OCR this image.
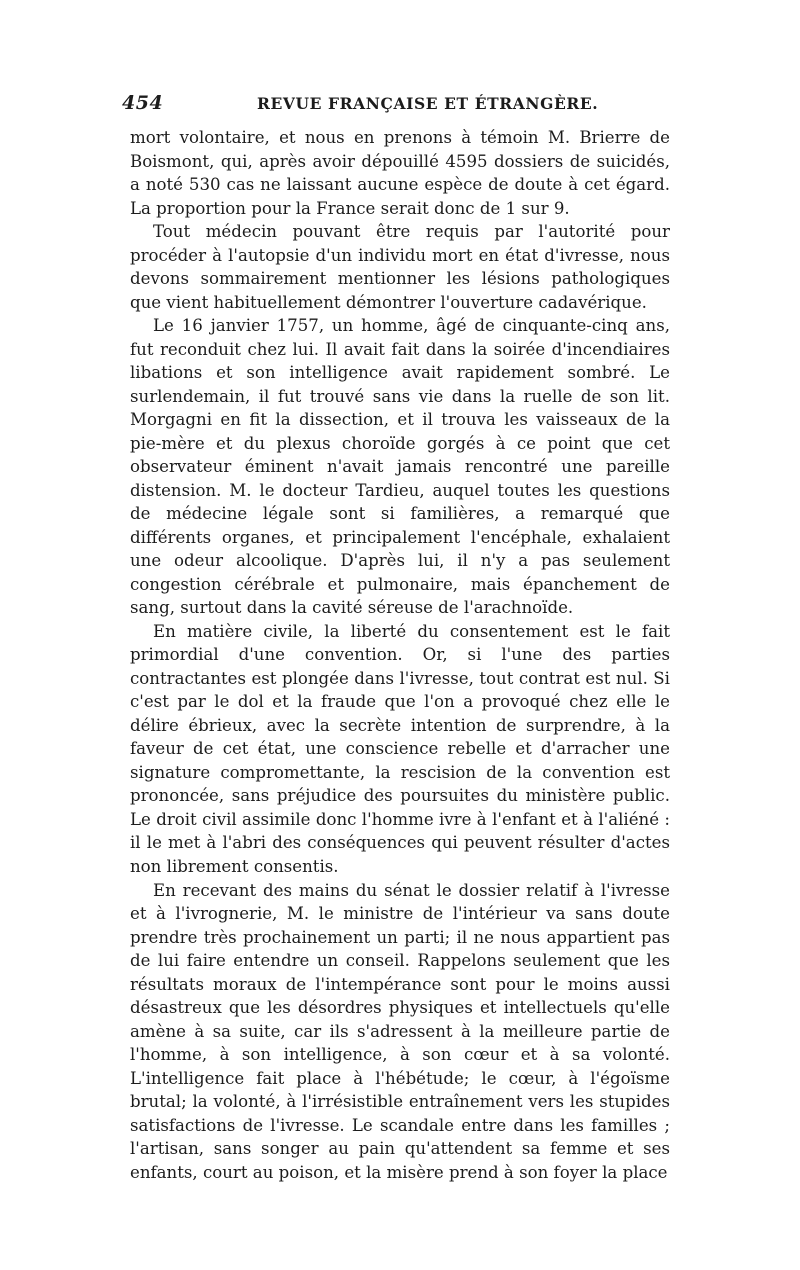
454	REVUE FRANÇAISE ET ÉTRANGÈRE.

mort volontaire, et nous en prenons à témoin M. Brierre de Boismont, qui, après avoir dépouillé 4595 dossiers de suicidés, a noté 530 cas ne laissant aucune espèce de doute à cet égard. La proportion pour la France serait donc de 1 sur 9.

Tout médecin pouvant être requis par l'autorité pour procéder à l'autopsie d'un individu mort en état d'ivresse, nous devons sommairement mentionner les lésions pathologiques que vient habituellement démontrer l'ouverture cadavérique.

Le 16 janvier 1757, un homme, âgé de cinquante-cinq ans, fut reconduit chez lui. Il avait fait dans la soirée d'incendiaires libations et son intelligence avait rapidement sombré. Le surlendemain, il fut trouvé sans vie dans la ruelle de son lit. Morgagni en fit la dissection, et il trouva les vaisseaux de la pie-mère et du plexus choroïde gorgés à ce point que cet observateur éminent n'avait jamais rencontré une pareille distension. M. le docteur Tardieu, auquel toutes les questions de médecine légale sont si familières, a remarqué que différents organes, et principalement l'encéphale, exhalaient une odeur alcoolique. D'après lui, il n'y a pas seulement congestion cérébrale et pulmonaire, mais épanchement de sang, surtout dans la cavité séreuse de l'arachnoïde.

En matière civile, la liberté du consentement est le fait primordial d'une convention. Or, si l'une des parties contractantes est plongée dans l'ivresse, tout contrat est nul. Si c'est par le dol et la fraude que l'on a provoqué chez elle le délire ébrieux, avec la secrète intention de surprendre, à la faveur de cet état, une conscience rebelle et d'arracher une signature compromettante, la rescision de la convention est prononcée, sans préjudice des poursuites du ministère public. Le droit civil assimile donc l'homme ivre à l'enfant et à l'aliéné : il le met à l'abri des conséquences qui peuvent résulter d'actes non librement consentis.

En recevant des mains du sénat le dossier relatif à l'ivresse et à l'ivrognerie, M. le ministre de l'intérieur va sans doute prendre très prochainement un parti; il ne nous appartient pas de lui faire entendre un conseil. Rappelons seulement que les résultats moraux de l'intempérance sont pour le moins aussi désastreux que les désordres physiques et intellectuels qu'elle amène à sa suite, car ils s'adressent à la meilleure partie de l'homme, à son intelligence, à son cœur et à sa volonté. L'intelligence fait place à l'hébétude; le cœur, à l'égoïsme brutal; la volonté, à l'irrésistible entraînement vers les stupides satisfactions de l'ivresse. Le scandale entre dans les familles ; l'artisan, sans songer au pain qu'attendent sa femme et ses enfants, court au poison, et la misère prend à son foyer la place
